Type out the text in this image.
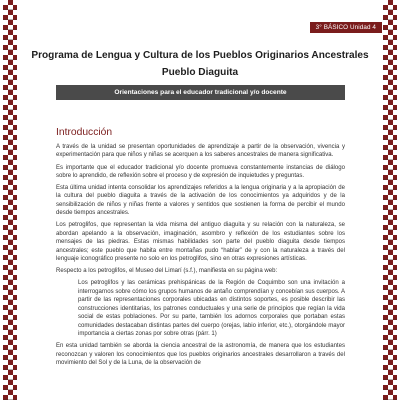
3° BÁSICO Unidad 4
Programa de Lengua y Cultura de los Pueblos Originarios Ancestrales
Pueblo Diaguita
Orientaciones para el educador tradicional y/o docente
Introducción

A través de la unidad se presentan oportunidades de aprendizaje a partir de la observación, vivencia y experimentación para que niños y niñas se acerquen a los saberes ancestrales de manera significativa.

Es importante que el educador tradicional y/o docente promueva constantemente instancias de diálogo sobre lo aprendido, de reflexión sobre el proceso y de expresión de inquietudes y preguntas.

Esta última unidad intenta consolidar los aprendizajes referidos a la lengua originaria y a la apropiación de la cultura del pueblo diaguita a través de la activación de los conocimientos ya adquiridos y de la sensibilización de niños y niñas frente a valores y sentidos que sostienen la forma de percibir el mundo desde tiempos ancestrales.

Los petroglifos, que representan la vida misma del antiguo diaguita y su relación con la naturaleza, se abordan apelando a la observación, imaginación, asombro y reflexión de los estudiantes sobre los mensajes de las piedras. Estas mismas habilidades son parte del pueblo diaguita desde tiempos ancestrales; este pueblo que habita entre montañas pudo “hablar” de y con la naturaleza a través del lenguaje iconográfico presente no solo en los petroglifos, sino en otras expresiones artísticas.

Respecto a los petroglifos, el Museo del Limarí (s.f.), manifiesta en su página web:

Los petroglifos y las cerámicas prehispánicas de la Región de Coquimbo son una invitación a interrogarnos sobre cómo los grupos humanos de antaño comprendían y concebían sus cuerpos. A partir de las representaciones corporales ubicadas en distintos soportes, es posible describir las construcciones identitarias, los patrones conductuales y una serie de principios que regían la vida social de estas poblaciones. Por su parte, también los adornos corporales que portaban estas comunidades destacaban distintas partes del cuerpo (orejas, labio inferior, etc.), otorgándole mayor importancia a ciertas zonas por sobre otras (párr. 1)

En esta unidad también se aborda la ciencia ancestral de la astronomía, de manera que los estudiantes reconozcan y valoren los conocimientos que los pueblos originarios ancestrales desarrollaron a través del movimiento del Sol y de la Luna, de la observación de
